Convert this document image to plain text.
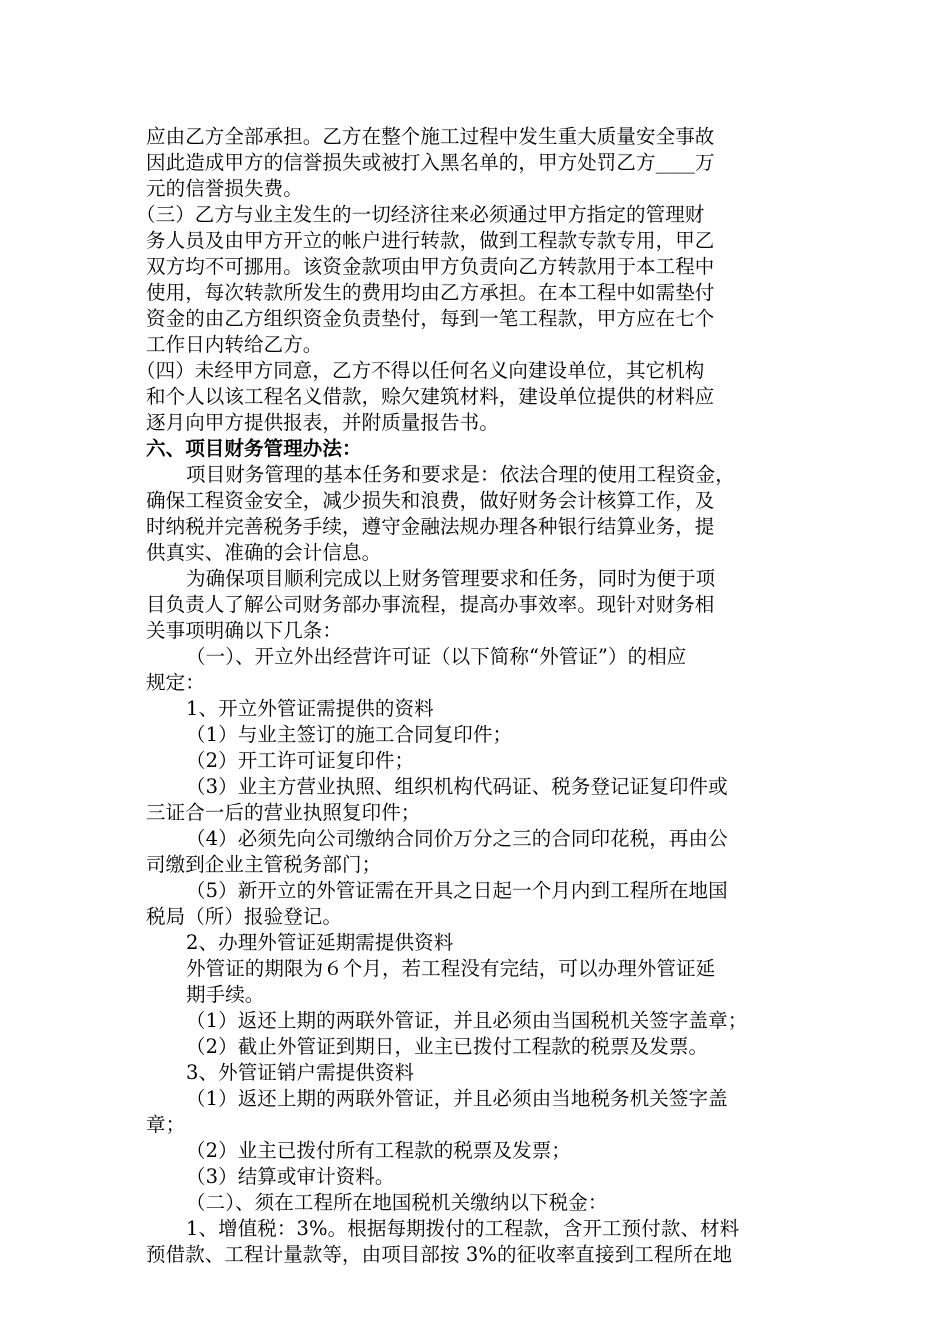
应由乙方全部承担。乙方在整个施工过程中发生重大质量安全事故
因此造成甲方的信誉损失或被打入黑名单的，甲方处罚乙方____万
元的信誉损失费。
（三）乙方与业主发生的一切经济往来必须通过甲方指定的管理财
务人员及由甲方开立的帐户进行转款，做到工程款专款专用，甲乙
双方均不可挪用。该资金款项由甲方负责向乙方转款用于本工程中
使用，每次转款所发生的费用均由乙方承担。在本工程中如需垫付
资金的由乙方组织资金负责垫付，每到一笔工程款，甲方应在七个
工作日内转给乙方。
（四）未经甲方同意，乙方不得以任何名义向建设单位，其它机构
和个人以该工程名义借款，赊欠建筑材料，建设单位提供的材料应
逐月向甲方提供报表，并附质量报告书。
六、项目财务管理办法：
项目财务管理的基本任务和要求是：依法合理的使用工程资金，
确保工程资金安全，减少损失和浪费，做好财务会计核算工作，及
时纳税并完善税务手续，遵守金融法规办理各种银行结算业务，提
供真实、准确的会计信息。
为确保项目顺利完成以上财务管理要求和任务，同时为便于项
目负责人了解公司财务部办事流程，提高办事效率。现针对财务相
关事项明确以下几条：
（一）、开立外出经营许可证（以下简称“外管证”）的相应
规定：
1、开立外管证需提供的资料
（1）与业主签订的施工合同复印件；
（2）开工许可证复印件；
（3）业主方营业执照、组织机构代码证、税务登记证复印件或
三证合一后的营业执照复印件；
（4）必须先向公司缴纳合同价万分之三的合同印花税，再由公
司缴到企业主管税务部门；
（5）新开立的外管证需在开具之日起一个月内到工程所在地国
税局（所）报验登记。
2、办理外管证延期需提供资料
外管证的期限为６个月，若工程没有完结，可以办理外管证延
期手续。
（1）返还上期的两联外管证，并且必须由当国税机关签字盖章；
（2）截止外管证到期日，业主已拨付工程款的税票及发票。
3、外管证销户需提供资料
（1）返还上期的两联外管证，并且必须由当地税务机关签字盖
章；
（2）业主已拨付所有工程款的税票及发票；
（3）结算或审计资料。
（二）、须在工程所在地国税机关缴纳以下税金：
1、增值税：3%。根据每期拨付的工程款，含开工预付款、材料
预借款、工程计量款等，由项目部按 3%的征收率直接到工程所在地
